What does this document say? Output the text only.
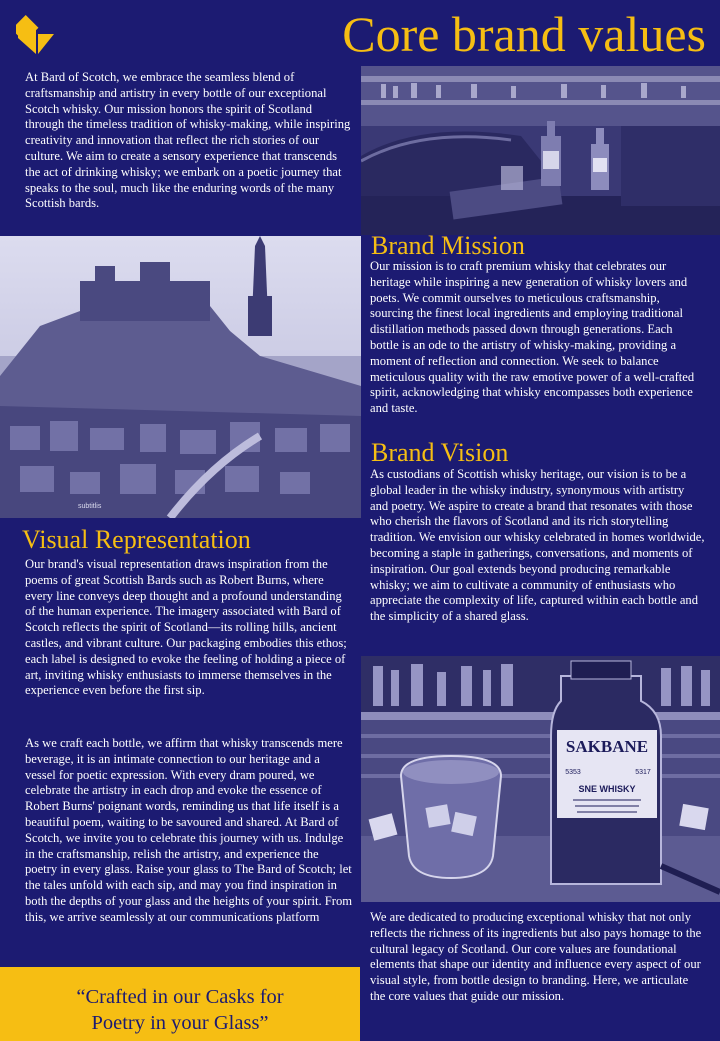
Core brand values
At Bard of Scotch, we embrace the seamless blend of craftsmanship and artistry in every bottle of our exceptional Scotch whisky. Our mission honors the spirit of Scotland through the timeless tradition of whisky-making, while inspiring creativity and innovation that reflect the rich stories of our culture. We aim to create a sensory experience that transcends the act of drinking whisky; we embark on a poetic journey that speaks to the soul, much like the enduring words of the many Scottish bards.
subtitlis
Brand Mission
Our mission is to craft premium whisky that celebrates our heritage while inspiring a new generation of whisky lovers and poets. We commit ourselves to meticulous craftsmanship, sourcing the finest local ingredients and employing traditional distillation methods passed down through generations. Each bottle is an ode to the artistry of whisky-making, providing a moment of reflection and connection. We seek to balance meticulous quality with the raw emotive power of a well-crafted spirit, acknowledging that whisky encompasses both experience and taste.
Brand Vision
As custodians of Scottish whisky heritage, our vision is to be a global leader in the whisky industry, synonymous with artistry and poetry. We aspire to create a brand that resonates with those who cherish the flavors of Scotland and its rich storytelling tradition. We envision our whisky celebrated in homes worldwide, becoming a staple in gatherings, conversations, and moments of inspiration. Our goal extends beyond producing remarkable whisky; we aim to cultivate a community of enthusiasts who appreciate the complexity of life, captured within each bottle and the simplicity of a shared glass.
Visual Representation
Our brand's visual representation draws inspiration from the poems of great Scottish Bards such as Robert Burns, where every line conveys deep thought and a profound understanding of the human experience. The imagery associated with Bard of Scotch reflects the spirit of Scotland—its rolling hills, ancient castles, and vibrant culture. Our packaging embodies this ethos; each label is designed to evoke the feeling of holding a piece of art, inviting whisky enthusiasts to immerse themselves in the experience even before the first sip.
As we craft each bottle, we affirm that whisky transcends mere beverage, it is an intimate connection to our heritage and a vessel for poetic expression. With every dram poured, we celebrate the artistry in each drop and evoke the essence of Robert Burns' poignant words, reminding us that life itself is a beautiful poem, waiting to be savoured and shared. At Bard of Scotch, we invite you to celebrate this journey with us. Indulge in the craftsmanship, relish the artistry, and experience the poetry in every glass. Raise your glass to The Bard of Scotch; let the tales unfold with each sip, and may you find inspiration in both the depths of your glass and the heights of your spirit. From this, we arrive seamlessly at our communications platform
SAKBANE
5353	5317
SNE WHISKY
We are dedicated to producing exceptional whisky that not only reflects the richness of its ingredients but also pays homage to the cultural legacy of Scotland. Our core values are foundational elements that shape our identity and influence every aspect of our visual style, from bottle design to branding. Here, we articulate the core values that guide our mission.
“Crafted in our Casks for
Poetry in your Glass”
